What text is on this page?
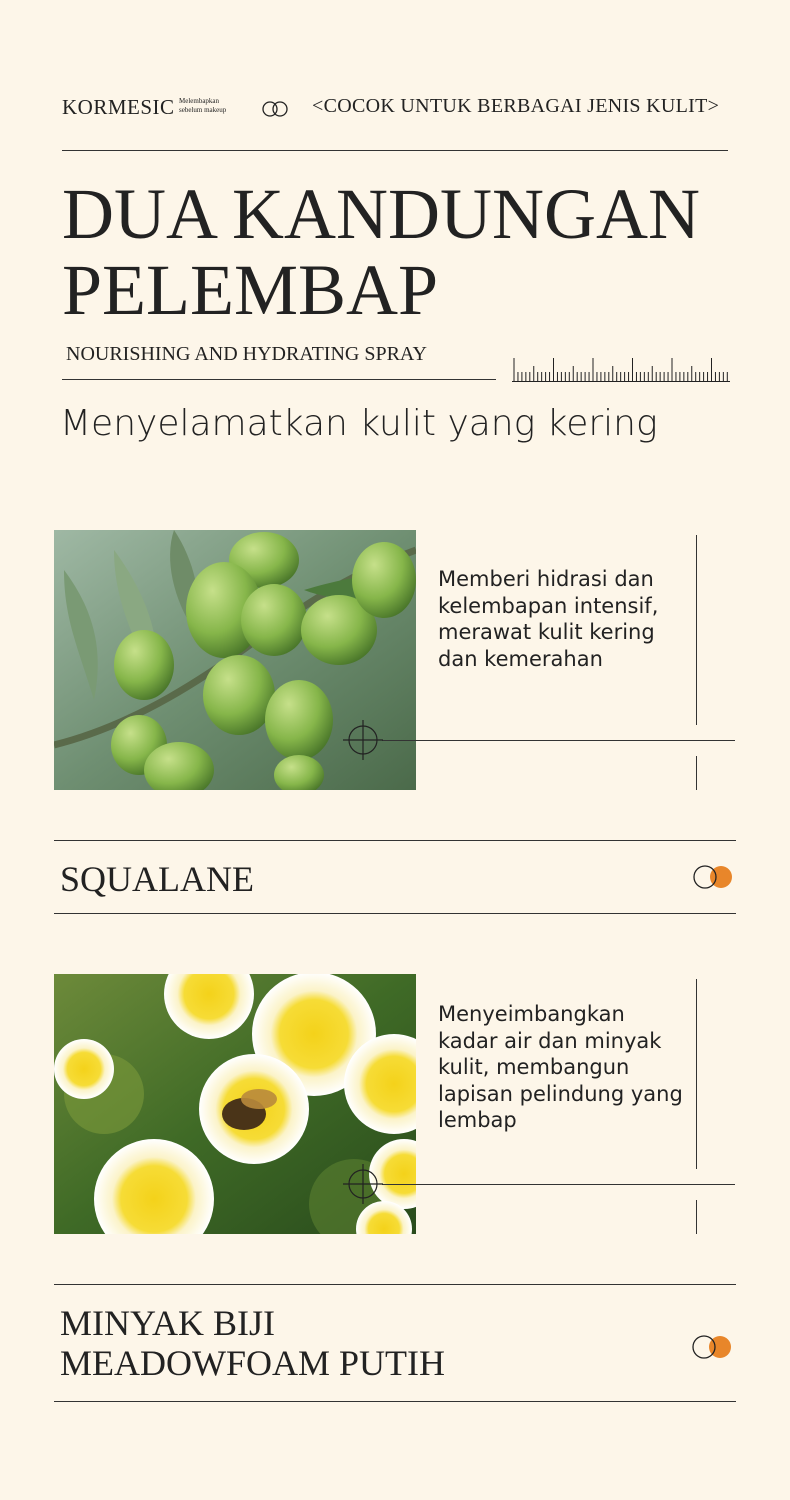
KORMESIC Melembapkan
sebelum makeup	<COCOK UNTUK BERBAGAI JENIS KULIT>
DUA KANDUNGAN
PELEMBAP
NOURISHING AND HYDRATING SPRAY
Menyelamatkan kulit yang kering
Memberi hidrasi dan kelembapan intensif, merawat kulit kering dan kemerahan
SQUALANE
Menyeimbangkan kadar air dan minyak kulit, membangun lapisan pelindung yang lembap
MINYAK BIJI
MEADOWFOAM PUTIH
